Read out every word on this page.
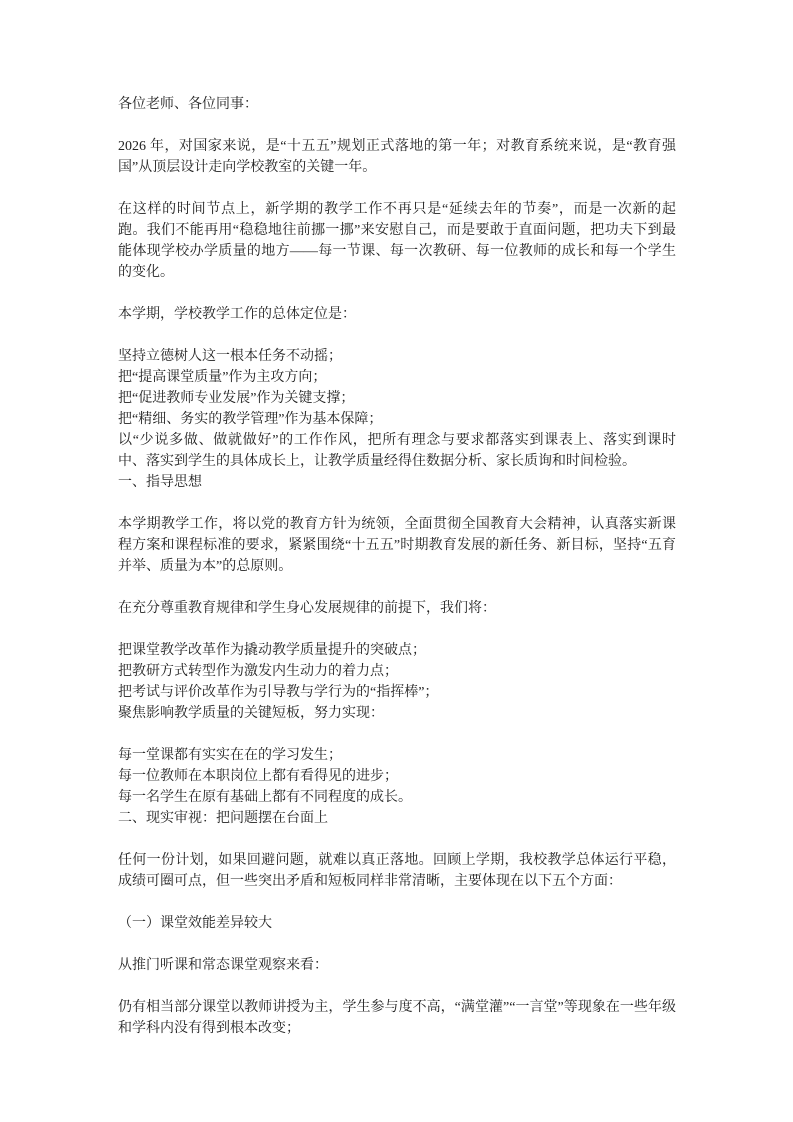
各位老师、各位同事：

2026 年，对国家来说，是“十五五”规划正式落地的第一年；对教育系统来说，是“教育强国”从顶层设计走向学校教室的关键一年。

在这样的时间节点上，新学期的教学工作不再只是“延续去年的节奏”，而是一次新的起跑。我们不能再用“稳稳地往前挪一挪”来安慰自己，而是要敢于直面问题，把功夫下到最能体现学校办学质量的地方——每一节课、每一次教研、每一位教师的成长和每一个学生的变化。

本学期，学校教学工作的总体定位是：

坚持立德树人这一根本任务不动摇；
把“提高课堂质量”作为主攻方向；
把“促进教师专业发展”作为关键支撑；
把“精细、务实的教学管理”作为基本保障；
以“少说多做、做就做好”的工作作风，把所有理念与要求都落实到课表上、落实到课时中、落实到学生的具体成长上，让教学质量经得住数据分析、家长质询和时间检验。
一、指导思想

本学期教学工作，将以党的教育方针为统领，全面贯彻全国教育大会精神，认真落实新课程方案和课程标准的要求，紧紧围绕“十五五”时期教育发展的新任务、新目标，坚持“五育并举、质量为本”的总原则。

在充分尊重教育规律和学生身心发展规律的前提下，我们将：

把课堂教学改革作为撬动教学质量提升的突破点；
把教研方式转型作为激发内生动力的着力点；
把考试与评价改革作为引导教与学行为的“指挥棒”；
聚焦影响教学质量的关键短板，努力实现：

每一堂课都有实实在在的学习发生；
每一位教师在本职岗位上都有看得见的进步；
每一名学生在原有基础上都有不同程度的成长。
二、现实审视：把问题摆在台面上

任何一份计划，如果回避问题，就难以真正落地。回顾上学期，我校教学总体运行平稳，成绩可圈可点，但一些突出矛盾和短板同样非常清晰，主要体现在以下五个方面：

（一）课堂效能差异较大

从推门听课和常态课堂观察来看：

仍有相当部分课堂以教师讲授为主，学生参与度不高，“满堂灌”“一言堂”等现象在一些年级和学科内没有得到根本改变；
